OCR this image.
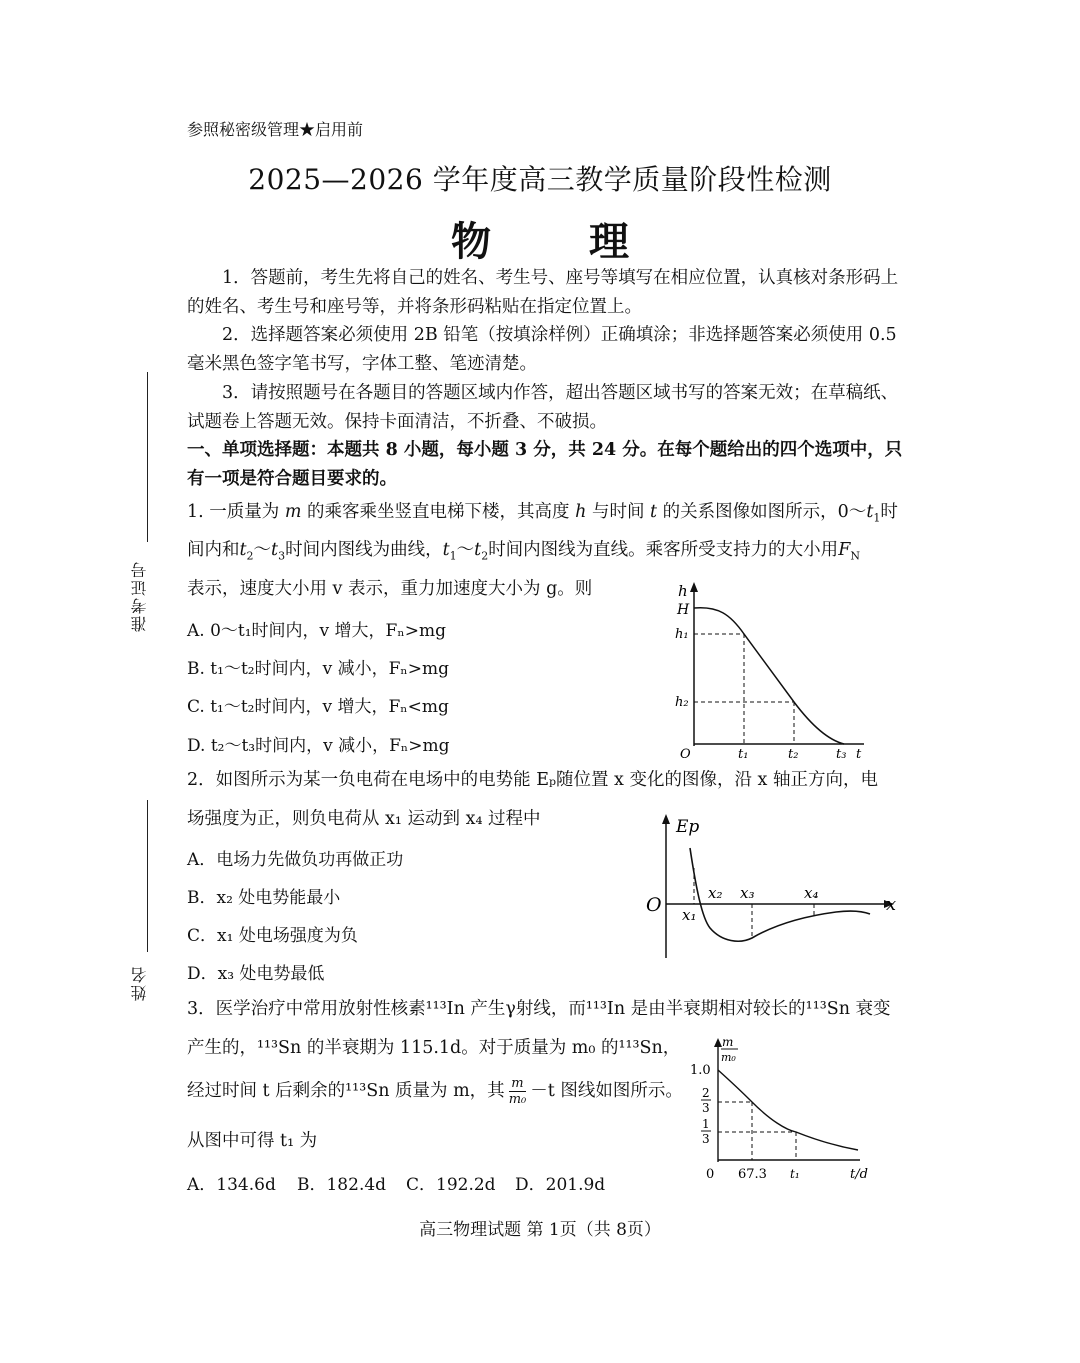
参照秘密级管理★启用前
2025—2026 学年度高三教学质量阶段性检测
物 理
准考证号
姓名
1．答题前，考生先将自己的姓名、考生号、座号等填写在相应位置，认真核对条形码上的姓名、考生号和座号等，并将条形码粘贴在指定位置上。
2．选择题答案必须使用 2B 铅笔（按填涂样例）正确填涂；非选择题答案必须使用 0.5 毫米黑色签字笔书写，字体工整、笔迹清楚。
3．请按照题号在各题目的答题区域内作答，超出答题区域书写的答案无效；在草稿纸、试题卷上答题无效。保持卡面清洁，不折叠、不破损。
一、单项选择题：本题共 8 小题，每小题 3 分，共 24 分。在每个题给出的四个选项中，只有一项是符合题目要求的。
1. 一质量为 m 的乘客乘坐竖直电梯下楼，其高度 h 与时间 t 的关系图像如图所示，$0\sim t_1$时
间内和$t_2\sim t_3$时间内图线为曲线，$t_1\sim t_2$时间内图线为直线。乘客所受支持力的大小用$F_N$
表示，速度大小用 v 表示，重力加速度大小为 g。则
A. 0～t₁时间内，v 增大，Fₙ>mg
B. t₁～t₂时间内，v 减小，Fₙ>mg
C. t₁～t₂时间内，v 增大，Fₙ<mg
D. t₂～t₃时间内，v 减小，Fₙ>mg
h
H
h₁
h₂
O	t₁	t₂	t₃ t
2．如图所示为某一负电荷在电场中的电势能 Eₚ随位置 x 变化的图像，沿 x 轴正方向，电
场强度为正，则负电荷从 x₁ 运动到 x₄ 过程中
A．电场力先做负功再做正功
B．x₂ 处电势能最小
C．x₁ 处电场强度为负
D．x₃ 处电势最低
Ep
O	x
x₁
x₂ x₃	x₄
3．医学治疗中常用放射性核素¹¹³In 产生γ射线，而¹¹³In 是由半衰期相对较长的¹¹³Sn 衰变
产生的，¹¹³Sn 的半衰期为 115.1d。对于质量为 m₀ 的¹¹³Sn，
经过时间 t 后剩余的¹¹³Sn 质量为 m，其 $\frac{m}{\text{m₀}} -t$ 图线如图所示。
从图中可得 t₁ 为
A．134.6d B．182.4d C．192.2d D．201.9d
m
m₀
1.0
2
3
1
3
0 67.3 t₁	t/d
高三物理试题 第 1页（共 8页）
